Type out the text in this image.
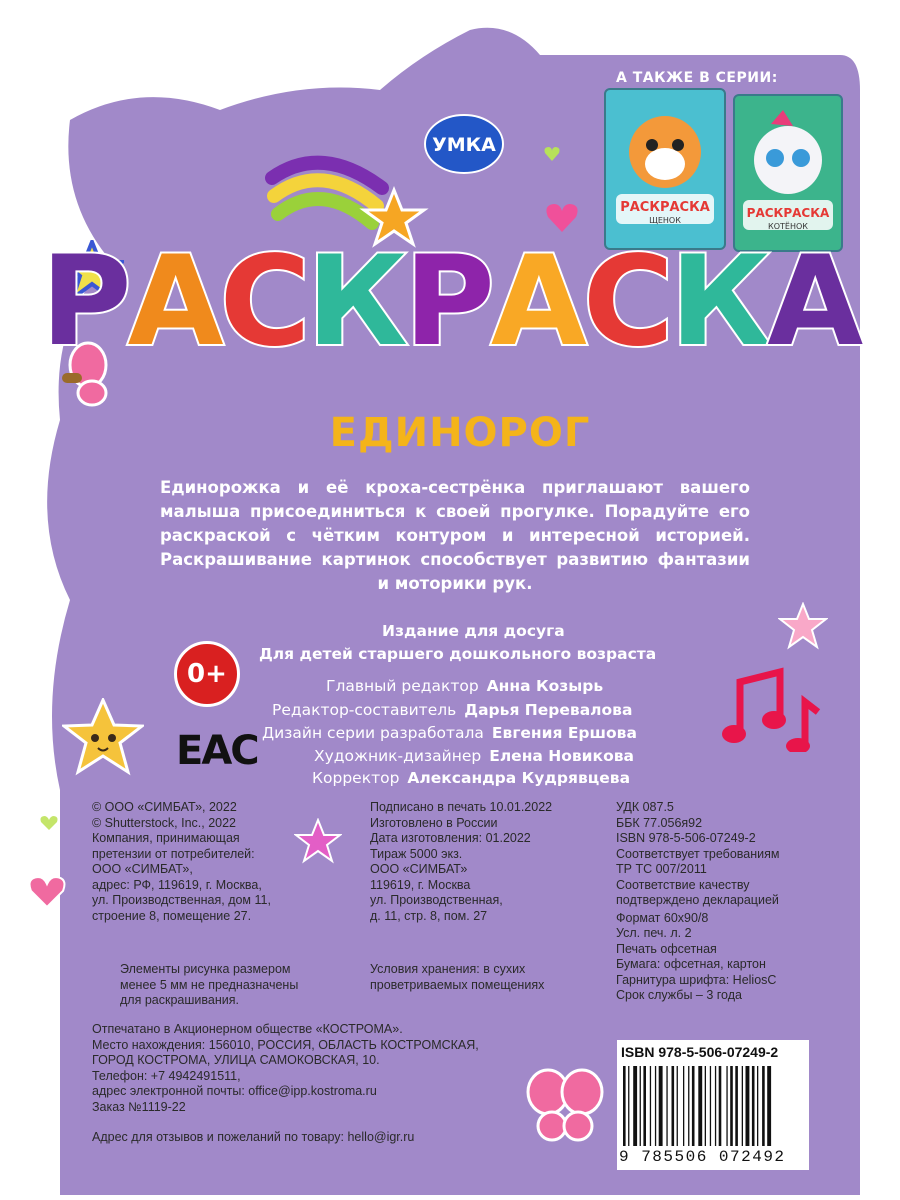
УМКА
А ТАКЖЕ В СЕРИИ:
РАСКРАСКА
ЩЕНОК
РАСКРАСКА
КОТЁНОК
РАСКРАСКА
ЕДИНОРОГ
Единорожка и её кроха-сестрёнка приглашают вашего малыша присоединиться к своей прогулке. Порадуйте его раскраской с чётким контуром и интересной историей. Раскрашивание картинок способствует развитию фантазии и моторики рук.
0+
EAC
Издание для досуга
Для детей старшего дошкольного возраста
Главный редактор Анна Козырь
Редактор-составитель Дарья Перевалова
Дизайн серии разработала Евгения Ершова
Художник-дизайнер Елена Новикова
Корректор Александра Кудрявцева
© ООО «СИМБАТ», 2022
© Shutterstock, Inc., 2022
Компания, принимающая
претензии от потребителей:
ООО «СИМБАТ»,
адрес: РФ, 119619, г. Москва,
ул. Производственная, дом 11,
строение 8, помещение 27.
Подписано в печать 10.01.2022
Изготовлено в России
Дата изготовления: 01.2022
Тираж 5000 экз.
ООО «СИМБАТ»
119619, г. Москва
ул. Производственная,
д. 11, стр. 8, пом. 27
УДК 087.5
ББК 77.056я92
ISBN 978-5-506-07249-2
Соответствует требованиям
ТР ТС 007/2011
Соответствие качеству
подтверждено декларацией
Формат 60х90/8
Усл. печ. л. 2
Печать офсетная
Бумага: офсетная, картон
Гарнитура шрифта: HeliosC
Срок службы – 3 года
Элементы рисунка размером
менее 5 мм не предназначены
для раскрашивания.
Условия хранения: в сухих
проветриваемых помещениях
Отпечатано в Акционерном обществе «КОСТРОМА».
Место нахождения: 156010, РОССИЯ, ОБЛАСТЬ КОСТРОМСКАЯ,
ГОРОД КОСТРОМА, УЛИЦА САМОКОВСКАЯ, 10.
Телефон: +7 4942491511,
адрес электронной почты: office@ipp.kostroma.ru
Заказ №1119-22
Адрес для отзывов и пожеланий по товару: hello@igr.ru
ISBN 978-5-506-07249-2
9 785506 072492
